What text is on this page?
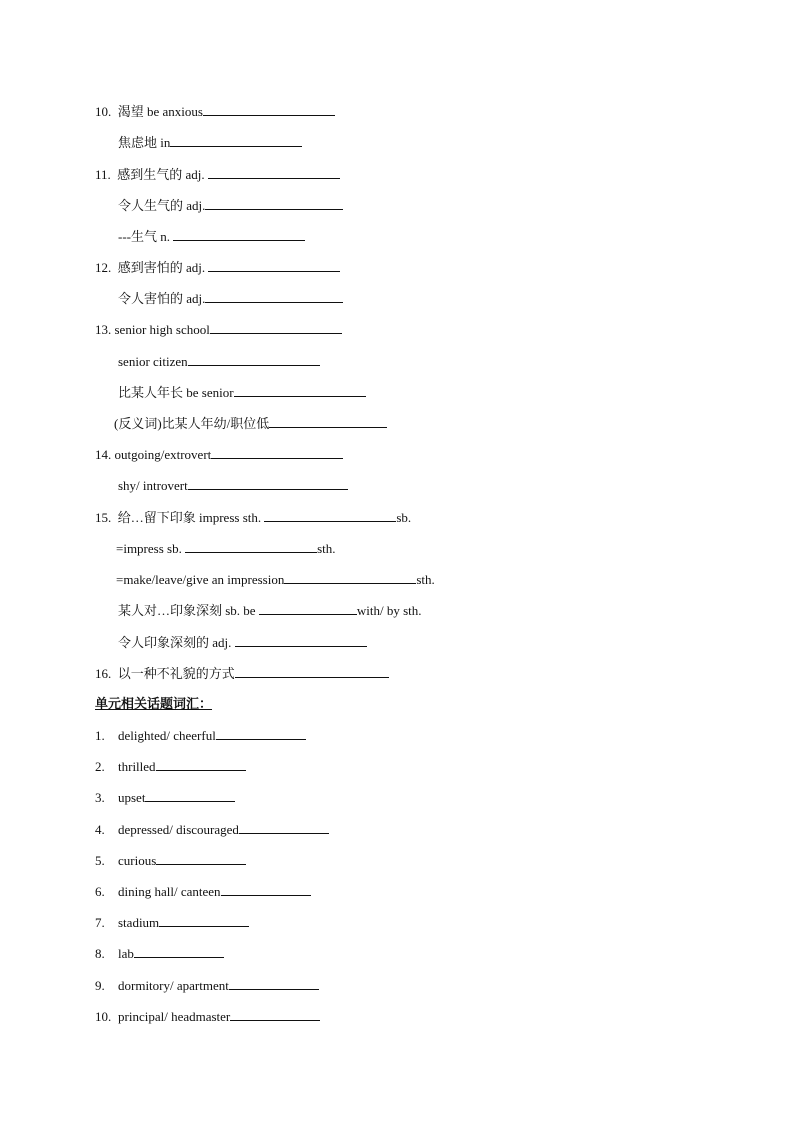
10. 渴望 be anxious
焦虑地 in
11. 感到生气的 adj.
令人生气的 adj.
---生气 n.
12. 感到害怕的 adj.
令人害怕的 adj.
13. senior high school
senior citizen
比某人年长 be senior
(反义词)比某人年幼/职位低
14. outgoing/extrovert
shy/ introvert
15. 给…留下印象 impress sth.	sb.
=impress sb.	sth.
=make/leave/give an impression	sth.
某人对…印象深刻 sb. be	with/ by sth.
令人印象深刻的 adj.
16. 以一种不礼貌的方式
单元相关话题词汇：
1. delighted/ cheerful
2. thrilled
3. upset
4. depressed/ discouraged
5. curious
6. dining hall/ canteen
7. stadium
8. lab
9. dormitory/ apartment
10. principal/ headmaster
